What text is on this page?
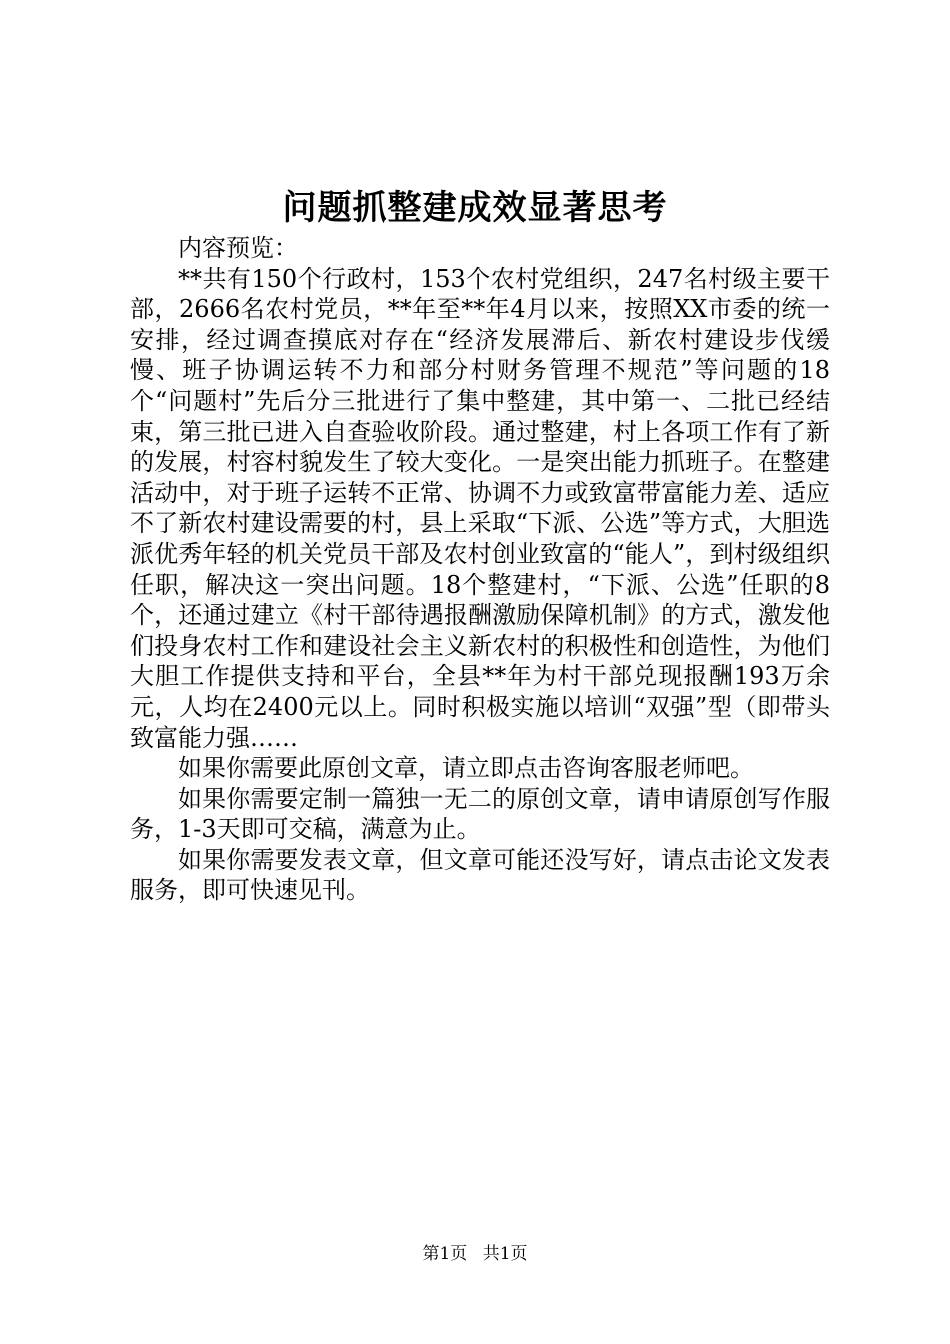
问题抓整建成效显著思考

内容预览：

**共有150个行政村，153个农村党组织，247名村级主要干部，2666名农村党员，**年至**年4月以来，按照XX市委的统一安排，经过调查摸底对存在“经济发展滞后、新农村建设步伐缓慢、班子协调运转不力和部分村财务管理不规范”等问题的18个“问题村”先后分三批进行了集中整建，其中第一、二批已经结束，第三批已进入自查验收阶段。通过整建，村上各项工作有了新的发展，村容村貌发生了较大变化。一是突出能力抓班子。在整建活动中，对于班子运转不正常、协调不力或致富带富能力差、适应不了新农村建设需要的村，县上采取“下派、公选”等方式，大胆选派优秀年轻的机关党员干部及农村创业致富的“能人”，到村级组织任职，解决这一突出问题。18个整建村，“下派、公选”任职的8个，还通过建立《村干部待遇报酬激励保障机制》的方式，激发他们投身农村工作和建设社会主义新农村的积极性和创造性，为他们大胆工作提供支持和平台，全县**年为村干部兑现报酬193万余元，人均在2400元以上。同时积极实施以培训“双强”型（即带头致富能力强……

如果你需要此原创文章，请立即点击咨询客服老师吧。

如果你需要定制一篇独一无二的原创文章，请申请原创写作服务，1-3天即可交稿，满意为止。

如果你需要发表文章，但文章可能还没写好，请点击论文发表服务，即可快速见刊。

第1页 共1页
